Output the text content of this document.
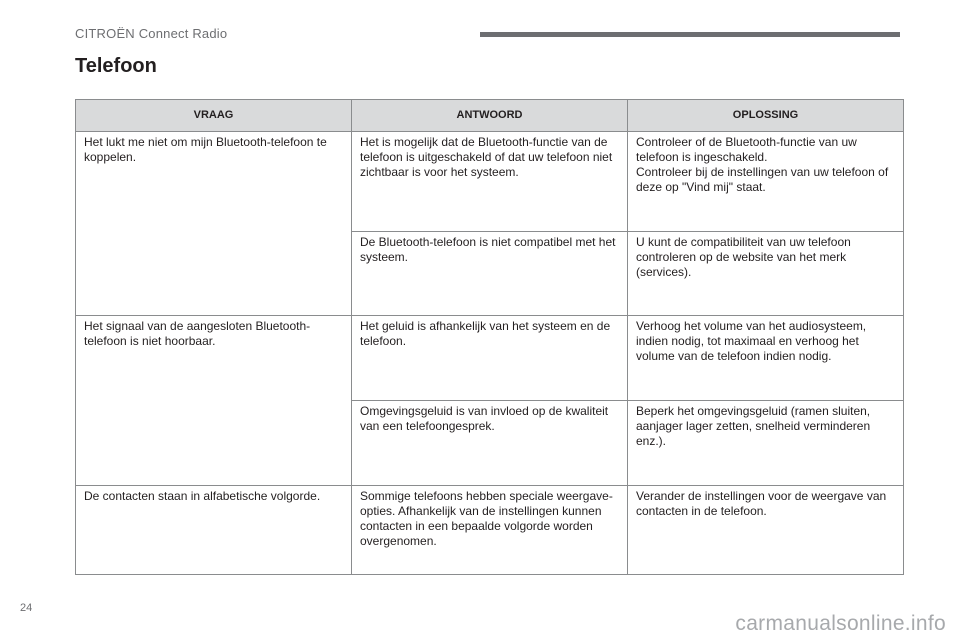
CITROËN Connect Radio
Telefoon
VRAAG	ANTWOORD	OPLOSSING
Het lukt me niet om mijn Bluetooth-telefoon te koppelen.	Het is mogelijk dat de Bluetooth-functie van de telefoon is uitgeschakeld of dat uw telefoon niet zichtbaar is voor het systeem.	Controleer of de Bluetooth-functie van uw telefoon is ingeschakeld.
Controleer bij de instellingen van uw telefoon of deze op "Vind mij" staat.
	De Bluetooth-telefoon is niet compatibel met het systeem.	U kunt de compatibiliteit van uw telefoon controleren op de website van het merk (services).
Het signaal van de aangesloten Bluetooth-telefoon is niet hoorbaar.	Het geluid is afhankelijk van het systeem en de telefoon.	Verhoog het volume van het audiosysteem, indien nodig, tot maximaal en verhoog het volume van de telefoon indien nodig.
	Omgevingsgeluid is van invloed op de kwaliteit van een telefoongesprek.	Beperk het omgevingsgeluid (ramen sluiten, aanjager lager zetten, snelheid verminderen enz.).
De contacten staan in alfabetische volgorde.	Sommige telefoons hebben speciale weergave-opties. Afhankelijk van de instellingen kunnen contacten in een bepaalde volgorde worden overgenomen.	Verander de instellingen voor de weergave van contacten in de telefoon.
24
carmanualsonline.info
